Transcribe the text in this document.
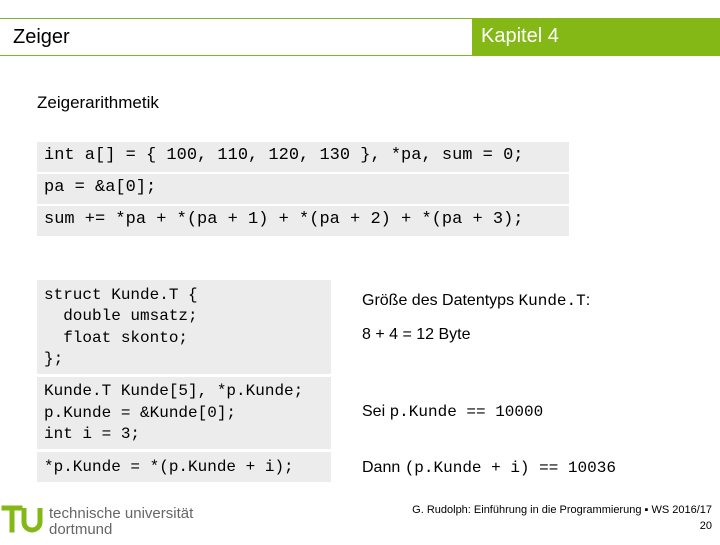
Zeiger	Kapitel 4
Zeigerarithmetik
int a[] = { 100, 110, 120, 130 }, *pa, sum = 0;
pa = &a[0];
sum += *pa + *(pa + 1) + *(pa + 2) + *(pa + 3);
struct Kunde.T {
double umsatz;
float skonto;
};
Kunde.T Kunde[5], *p.Kunde;
p.Kunde = &Kunde[0];
int i = 3;
*p.Kunde = *(p.Kunde + i);
Größe des Datentyps Kunde.T:
8 + 4 = 12 Byte
Sei p.Kunde == 10000
Dann (p.Kunde + i) == 10036
technische universität
dortmund
G. Rudolph: Einführung in die Programmierung ▪ WS 2016/17
20
